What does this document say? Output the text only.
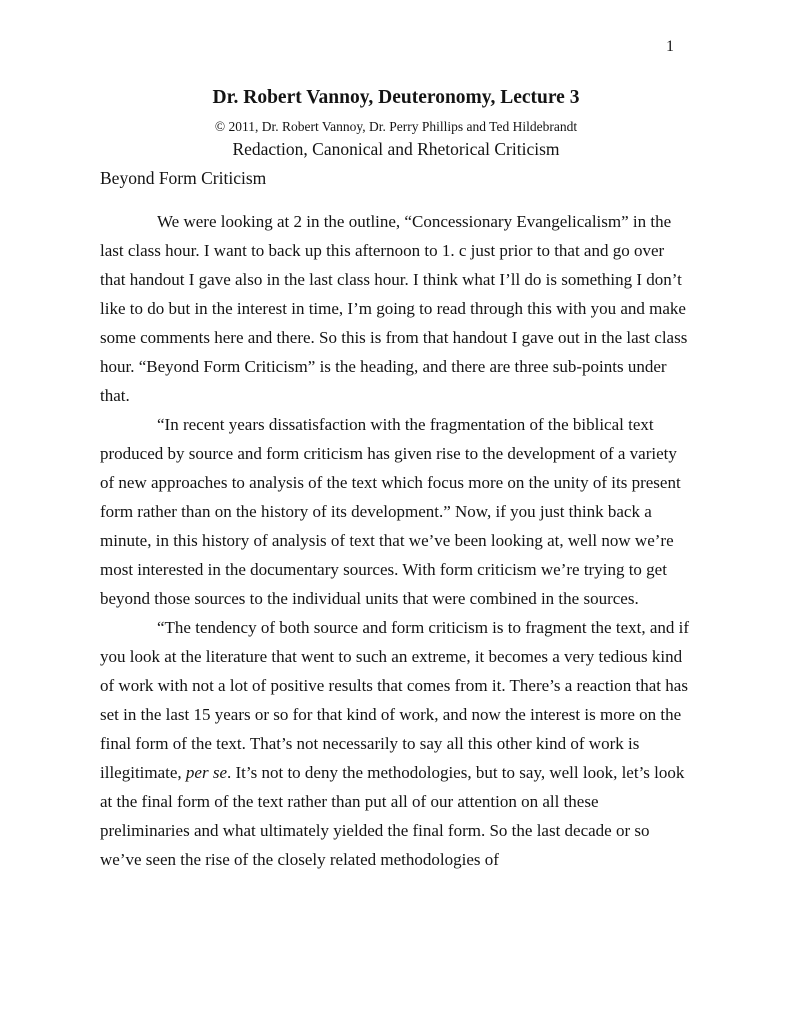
1
Dr. Robert Vannoy, Deuteronomy, Lecture 3
© 2011, Dr. Robert Vannoy, Dr. Perry Phillips and Ted Hildebrandt
Redaction, Canonical and Rhetorical Criticism
Beyond Form Criticism

We were looking at 2 in the outline, “Concessionary Evangelicalism” in the last class hour. I want to back up this afternoon to 1. c just prior to that and go over that handout I gave also in the last class hour. I think what I’ll do is something I don’t like to do but in the interest in time, I’m going to read through this with you and make some comments here and there. So this is from that handout I gave out in the last class hour. “Beyond Form Criticism” is the heading, and there are three sub-points under that.

“In recent years dissatisfaction with the fragmentation of the biblical text produced by source and form criticism has given rise to the development of a variety of new approaches to analysis of the text which focus more on the unity of its present form rather than on the history of its development.” Now, if you just think back a minute, in this history of analysis of text that we’ve been looking at, well now we’re most interested in the documentary sources. With form criticism we’re trying to get beyond those sources to the individual units that were combined in the sources.

“The tendency of both source and form criticism is to fragment the text, and if you look at the literature that went to such an extreme, it becomes a very tedious kind of work with not a lot of positive results that comes from it. There’s a reaction that has set in the last 15 years or so for that kind of work, and now the interest is more on the final form of the text. That’s not necessarily to say all this other kind of work is illegitimate, per se. It’s not to deny the methodologies, but to say, well look, let’s look at the final form of the text rather than put all of our attention on all these preliminaries and what ultimately yielded the final form. So the last decade or so we’ve seen the rise of the closely related methodologies of
